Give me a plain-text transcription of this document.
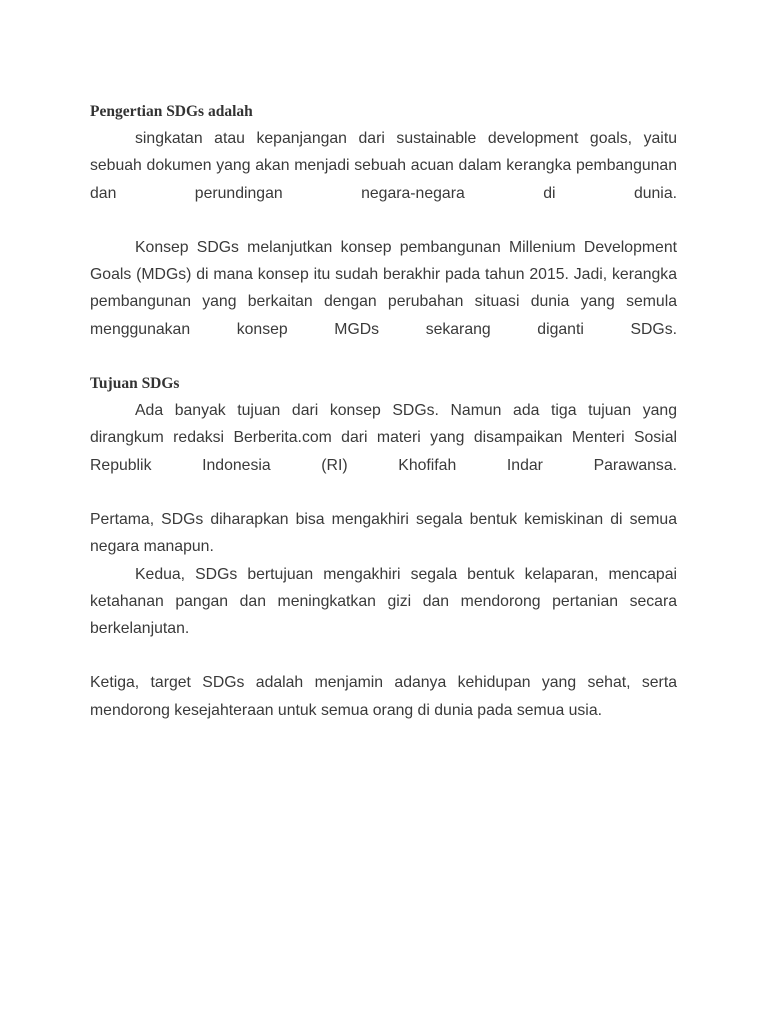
Pengertian SDGs adalah

singkatan atau kepanjangan dari sustainable development goals, yaitu sebuah dokumen yang akan menjadi sebuah acuan dalam kerangka pembangunan dan perundingan negara-negara di dunia.

Konsep SDGs melanjutkan konsep pembangunan Millenium Development Goals (MDGs) di mana konsep itu sudah berakhir pada tahun 2015. Jadi, kerangka pembangunan yang berkaitan dengan perubahan situasi dunia yang semula menggunakan konsep MGDs sekarang diganti SDGs.

Tujuan SDGs

Ada banyak tujuan dari konsep SDGs. Namun ada tiga tujuan yang dirangkum redaksi Berberita.com dari materi yang disampaikan Menteri Sosial Republik Indonesia (RI) Khofifah Indar Parawansa.

Pertama, SDGs diharapkan bisa mengakhiri segala bentuk kemiskinan di semua negara manapun.

Kedua, SDGs bertujuan mengakhiri segala bentuk kelaparan, mencapai ketahanan pangan dan meningkatkan gizi dan mendorong pertanian secara berkelanjutan.

Ketiga, target SDGs adalah menjamin adanya kehidupan yang sehat, serta mendorong kesejahteraan untuk semua orang di dunia pada semua usia.
